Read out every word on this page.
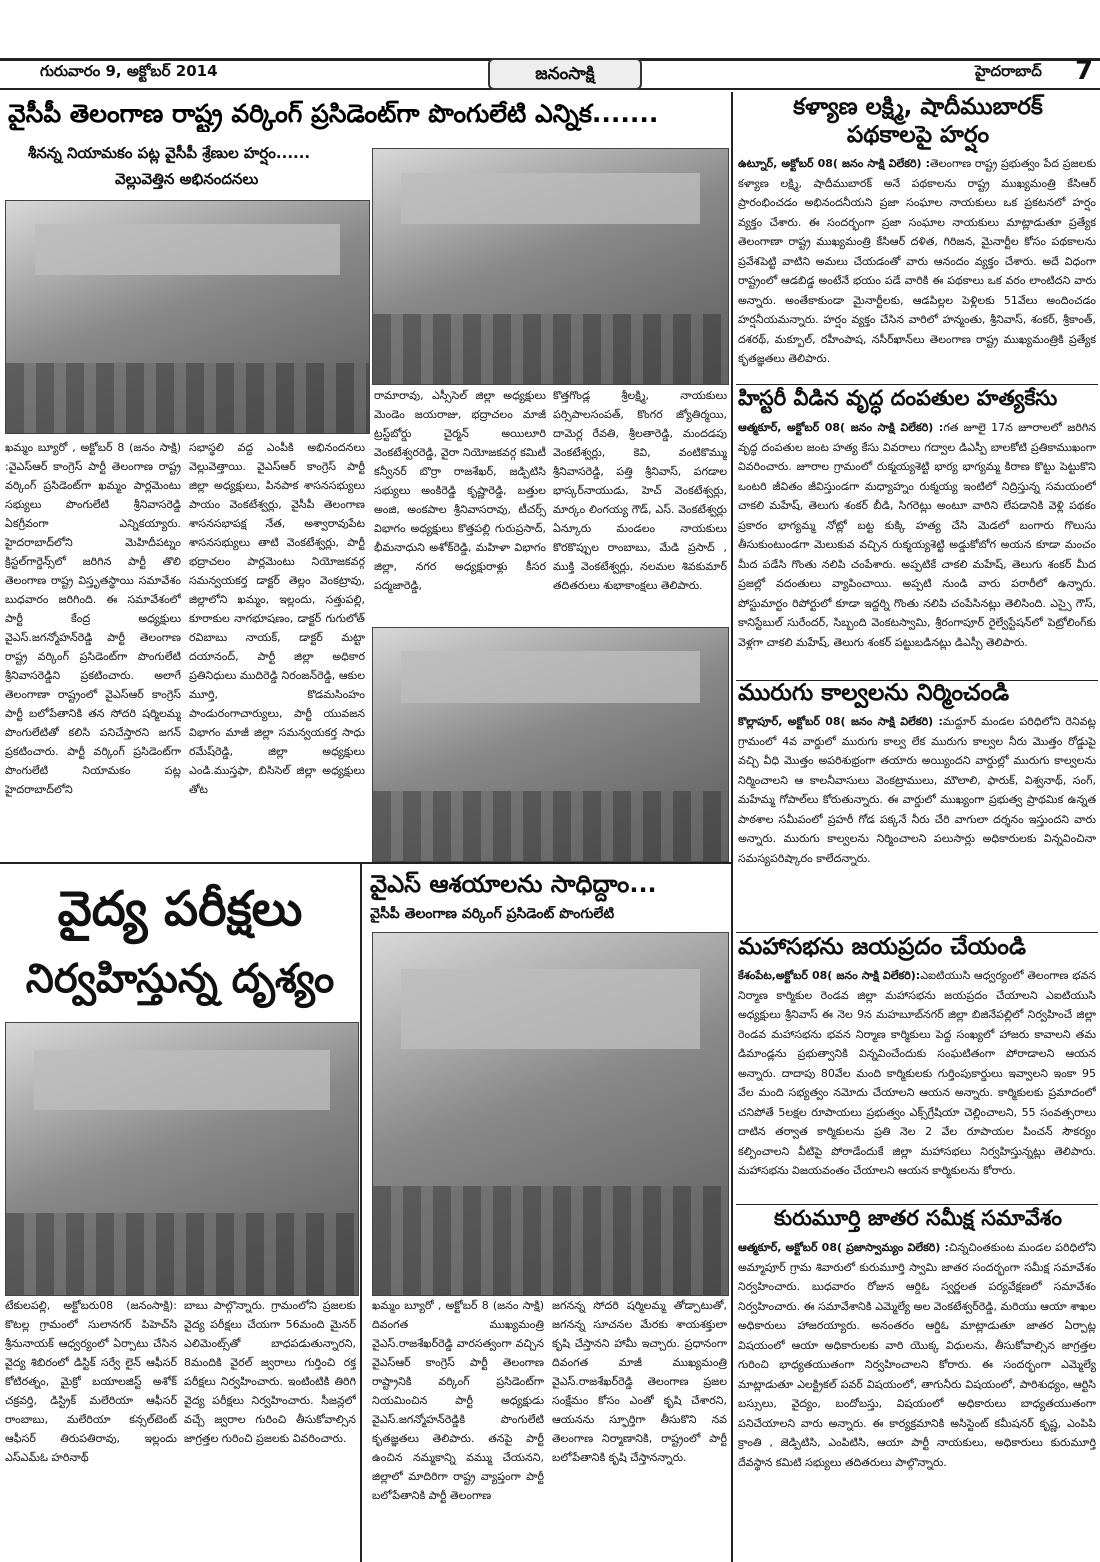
గురువారం 9, అక్టోబర్ 2014	జనంసాక్షి	హైదరాబాద్ 7
వైసీపీ తెలంగాణ రాష్ట్ర వర్కింగ్ ప్రసిడెంట్‌గా పొంగులేటి ఎన్నిక.......
శీనన్న నియామకం పట్ల వైసీపీ శ్రేణుల హర్షం......
వెల్లువెత్తిన అభినందనలు
ఖమ్మం బ్యూరో , అక్టోబర్ 8 (జనం సాక్షి) :వైఎస్ఆర్ కాంగ్రెస్ పార్టీ తెలంగాణ రాష్ట్ర వర్కింగ్ ప్రసిడెంట్‌గా ఖమ్మం పార్లమెంటు సభ్యులు పొంగులేటి శ్రీనివాసరెడ్డి ఏకగ్రీవంగా ఎన్నికయ్యారు. హైదరాబాద్‌లోని మెహిదీపట్నం క్రిస్టల్‌గార్డెన్స్‌లో జరిగిన పార్టీ తొలి తెలంగాణ రాష్ట్ర విస్తృతస్థాయి సమావేశం బుధవారం జరిగింది. ఈ సమావేశంలో పార్టీ కేంద్ర అధ్యక్షులు వైఎస్.జగన్మోహన్‌రెడ్డి పార్టీ తెలంగాణ రాష్ట్ర వర్కింగ్ ప్రసిడెంట్‌గా పొంగులేటి శ్రీనివాసరెడ్డిని ప్రకటించారు. అలాగే తెలంగాణా రాష్ట్రంలో వైఎస్ఆర్ కాంగ్రెస్ పార్టీ బలోపేతానికి తన సోదరి షర్మిలమ్మ పొంగులేటితో కలిసి పనిచేస్తారని జగన్ ప్రకటించారు. పార్టీ వర్కింగ్ ప్రసిడెంట్‌గా పొంగులేటి నియామకం పట్ల హైదరాబాద్‌లోని
సభాస్థలి వద్ద ఎంపీకి అభినందనలు వెల్లువెత్తాయి. వైఎస్ఆర్ కాంగ్రెస్ పార్టీ జిల్లా అధ్యక్షులు, పినపాక శాసనసభ్యులు పాయం వెంకటేశ్వర్లు, వైసీపీ తెలంగాణ శాసనసభాపక్ష నేత, అశ్వారావుపేట శాసనసభ్యులు తాటి వెంకటేశ్వర్లు, పార్టీ భద్రాచలం పార్లమెంటు నియోజకవర్గ సమన్వయకర్త డాక్టర్ తెల్లం వెంకట్రావు, జిల్లాలోని ఖమ్మం, ఇల్లందు, సత్తుపల్లి, కూరాకుల నాగభూషణం, డాక్టర్ గుగులోత్ రవిబాబు నాయక్, డాక్టర్ మట్టా దయానంద్, పార్టీ జిల్లా అధికార ప్రతినిధులు ముదిరెడ్డి నిరంజన్‌రెడ్డి, ఆకుల మూర్తి, కొడమసింహం పాండురంగాచార్యులు, పార్టీ యువజన విభాగం మాజీ జిల్లా సమన్వయకర్త సాధు రమేష్‌రెడ్డి, జిల్లా అధ్యక్షులు ఎండి.ముస్తఫా, బిసిసెల్ జిల్లా అధ్యక్షులు తోట
రామారావు, ఎస్సీసెల్ జిల్లా అధ్యక్షులు మెండెం జయరాజు, భద్రాచలం మాజీ ట్రస్ట్‌బోర్డు చైర్మన్ అయిలూరి వెంకటేశ్వరరెడ్డి, వైరా నియోజకవర్గ కమిటీ కన్వీనర్ బొర్రా రాజశేఖర్, జడ్పిటిసి సభ్యులు అంకిరెడ్డి కృష్ణారెడ్డి, బత్తుల అంజి, అంకపాల శ్రీనివాసరావు, టీచర్స్ విభాగం అధ్యక్షులు కొత్తపల్లి గురుప్రసాద్, భీమనాధుని అశోక్‌రెడ్డి, మహిళా విభాగం జిల్లా, నగర అధ్యక్షురాళ్లు కీసర పద్మజారెడ్డి,
కొత్తగొండ్ల శ్రీలక్ష్మి, నాయకులు పర్సిపాలసంపత్, కొంగర జ్యోతిర్మయి, దామెర్ల రేవతి, శ్రీలతారెడ్డి, మందడపు వెంకటేశ్వర్లు, కెవి, వంటికొమ్ము శ్రీనివాసరెడ్డి, పత్తి శ్రీనివాస్, పగడాల భాస్కర్‌నాయుడు, హెచ్ వెంకటేశ్వర్లు, మార్కం లింగయ్య గౌడ్, ఎస్. వెంకటేశ్వర్లు ఏన్కూరు మండలం నాయకులు కొరకొప్పుల రాంబాబు, మేడి ప్రసాద్ , ముక్తి వెంకటేశ్వర్లు, నలమల శివకుమార్ తదితరులు శుభాకాంక్షలు తెలిపారు.
వైద్య పరీక్షలు
నిర్వహిస్తున్న దృశ్యం
టేకులపల్లి, అక్టోబరు08 (జనంసాక్షి): కొటల్ల గ్రామంలో సులానగర్ పిహెచ్‌సి శ్రీనునాయక్ ఆధ్వర్యంలో ఏర్పాటు చేసిన వైద్య శిబిరంలో డిస్టిక్ సర్వే లైన్ ఆఫీసర్ కోటిరత్నం, మైక్రో బయాలజిస్ట్ అశోక్ చక్రవర్తి, డిస్ట్రిక్ మలేరియా ఆఫీసర్ రాంబాబు, మలేరియా కన్సల్‌టెంట్ ఆఫీసర్ తిరుపతిరావు, ఇల్లందు ఎస్ఎమ్‌ఓ హరినాథ్
బాబు పాల్గొన్నారు. గ్రామంలోని ప్రజలకు వైద్య పరీక్షలు చేయగా 56మంది మైనర్ ఎలిమెంట్స్‌తో బాధపడుతున్నారని, 8మందికి వైరల్ జ్వరాలు గుర్తించి రక్త పరీక్షలు నిర్వహించారు. ఇంటింటికి తిరిగి వైద్య పరీక్షలు నిర్వహించారు. సీజన్లలో వచ్చే జ్వరాల గురించి తీసుకోవాల్సిన జాగ్రత్తల గురించి ప్రజలకు వివరించారు.
వైఎస్ ఆశయాలను సాధిద్దాం...
వైసీపీ తెలంగాణ వర్కింగ్ ప్రసిడెంట్ పొంగులేటి
ఖమ్మం బ్యూరో , అక్టోబర్ 8 (జనం సాక్షి) దివంగత ముఖ్యమంత్రి వైఎస్.రాజశేఖర్‌రెడ్డి వారసత్వంగా వచ్చిన వైఎస్ఆర్ కాంగ్రెస్ పార్టీ తెలంగాణ రాష్ట్రానికి వర్కింగ్ ప్రసిడెంట్‌గా నియమించిన పార్టీ అధ్యక్షుడు వైఎస్.జగన్మోహన్‌రెడ్డికి పొంగులేటి కృతజ్ఞతలు తెలిపారు. తనపై పార్టీ ఉంచిన నమ్మకాన్ని వమ్ము చేయనని, జిల్లాలో మాదిరిగా రాష్ట్ర వ్యాప్తంగా పార్టీ బలోపేతానికి పార్టీ తెలంగాణ
జగనన్న సోదరి షర్మిలమ్మ తోడ్పాటుతో, జగనన్న సూచనల మేరకు శాయశక్తులా కృషి చేస్తానని హామీ ఇచ్చారు. ప్రధానంగా దివంగత మాజీ ముఖ్యమంత్రి వైఎస్.రాజశేఖర్‌రెడ్డి తెలంగాణ ప్రజల సంక్షేమం కోసం ఎంతో కృషి చేశారని, ఆయనను స్ఫూర్తిగా తీసుకొని నవ తెలంగాణ నిర్మాణానికి, రాష్ట్రంలో పార్టీ బలోపేతానికి కృషి చేస్తానన్నారు.
కళ్యాణ లక్ష్మి, షాదీముబారక్
పథకాలపై హర్షం
ఉట్నూర్, అక్టోబర్ 08( జనం సాక్షి విలేకరి) :తెలంగాణ రాష్ట్ర ప్రభుత్వం పేద ప్రజలకు కళ్యాణ లక్ష్మి, షాదీముబారక్ అనే పథకాలను రాష్ట్ర ముఖ్యమంత్రి కేసిఆర్ ప్రారంభించడం అభినందనీయని ప్రజా సంఘాల నాయకులు ఒక ప్రకటనలో హర్షం వ్యక్తం చేశారు. ఈ సందర్భంగా ప్రజా సంఘాల నాయకులు మాట్లాడుతూ ప్రత్యేక తెలంగాణా రాష్ట్ర ముఖ్యమంత్రి కేసిఆర్ దళిత, గిరిజన, మైనార్టీల కోసం పథకాలను ప్రవేశపెట్టి వాటిని అమలు చేయడంతో వారు ఆనందం వ్యక్తం చేశారు. అదే విధంగా రాష్ట్రంలో ఆడబిడ్డ అంటేనే భయం పడే వారికి ఈ పథకాలు ఒక వరం లాంటిదని వారు అన్నారు. అంతేకాకుండా మైనార్టీలకు, ఆడపిల్లల పెళ్లిలకు 51వేలు అందించడం హర్షనీయమన్నారు. హర్షం వ్యక్తం చేసిన వారిలో హన్మంతు, శ్రీనివాస్, శంకర్, శ్రీకాంత్, దశరథ్, మక్బూల్, రహీంపాష, నసీర్‌ఖాన్‌లు తెలంగాణ రాష్ట్ర ముఖ్యమంత్రికి ప్రత్యేక కృతజ్ఞతలు తెలిపారు.
హిస్టరీ వీడిన వృద్ధ దంపతుల హత్యకేసు
ఆత్మకూర్, అక్టోబర్ 08( జనం సాక్షి విలేకరి) :గత జూలై 17న జూరాలలో జరిగిన వృద్ధ దంపతుల జంట హత్య కేసు వివరాలు గద్వాల డిఎస్పీ బాలకోటి ప్రతికాముఖంగా వివరించారు. జూరాల గ్రామంలో రుక్మయ్యశెట్టి భార్య భాగ్యమ్మ కిరాణ కొట్టు పెట్టుకొని ఒంటరి జీవితం జీవిస్తుండగా మధ్యాహ్నం రుక్మయ్య ఇంటిలో నిద్రిస్తున్న సమయంలో చాకలి మహేష్, తెలుగు శంకర్ బీడి, సిగరెట్లు అంటూ వారిని లేపడానికి వెళ్లి పథకం ప్రకారం భాగ్యమ్మ నోట్లో బట్ట కుక్కి హత్య చేసి మెడలో బంగారు గొలుసు తీసుకుంటుండగా మెలుకువ వచ్చిన రుక్మయ్యశెట్టి అడ్డుకోబోగ అయన కూడా మంచం మీద పడేసి గొంతు నలిపి చంపేశారు. అప్పటికే చాకలి మహేష్, తెలుగు శంకర్ మీద ప్రజల్లో వదంతులు వ్యాపించాయి. అప్పటి నుండి వారు పరారీలో ఉన్నారు. పోస్టుమార్టం రిపోర్టులో కూడా ఇద్దర్ని గొంతు నలిపి చంపేసినట్లు తెలిసింది. ఎస్సై గౌస్, కానిస్టేబుల్ సురేందర్, సిబ్బంది వెంకటస్వామి, శ్రీరంగాపూర్ రైల్వేస్టేషన్‌లో పెట్రోలింగ్‌కు వెళ్లగా చాకలి మహేష్, తెలుగు శంకర్ పట్టుబడినట్లు డిఎస్పీ తెలిపారు.
మురుగు కాల్వలను నిర్మించండి
కొల్లాపూర్, అక్టోబర్ 08( జనం సాక్షి విలేకరి) :మద్దూర్ మండల పరిధిలోని రెనివట్ల గ్రామంలో 4వ వార్డులో మురుగు కాల్వ లేక మురుగు కాల్వల నీరు మొత్తం రోడ్డుపై వచ్చి వీధి మొత్తం అపరిశుభ్రంగా తయారు అయ్యిందని వార్డుల్లో మురుగు కాల్వలను నిర్మించాలని ఆ కాలనీవాసులు వెంకట్రాములు, మౌలాలి, ఫారుక్, విశ్వనాథ్, సంగ్, మహేమ్మ గోపాల్‌లు కోరుతున్నారు. ఈ వార్డులో ముఖ్యంగా ప్రభుత్వ ప్రాథమిక ఉన్నత పాఠశాల సమీపంలో ప్రహరీ గోడ పక్కనే నీరు చేరి వాగులా దర్శనం ఇస్తుందని వారు అన్నారు. మురుగు కాల్వలను నిర్మించాలని పలుసార్లు అధికారులకు విన్నవించినా సమస్యపరిష్కారం కాలేదన్నారు.
మహాసభను జయప్రదం చేయండి
కేశంపేట,అక్టోబర్ 08( జనం సాక్షి విలేకరి):ఎఐటియుసి ఆధ్వర్యంలో తెలంగాణ భవన నిర్మాణ కార్మికుల రెండవ జిల్లా మహాసభను జయప్రదం చేయాలని ఎఐటియుసి అధ్యక్షులు శ్రీనివాస్ ఈ నెల 9న మహబూబ్‌నగర్ జిల్లా బిజినేపల్లిలో నిర్వహించే జిల్లా రెండవ మహాసభను భవన నిర్మాణ కార్మికులు పెద్ద సంఖ్యలో హాజరు కావాలని తమ డిమాండ్లను ప్రభుత్వానికి విన్నవించేందుకు సంఘటితంగా పోరాడాలని ఆయన అన్నారు. దాదాపు 80వేల మంది కార్మికులకు గుర్తింపుకార్డులు ఇవ్వాలని ఇంకా 95 వేల మంది సభ్యత్వం నమోదు చేయాలని ఆయన అన్నారు. కార్మికులకు ప్రమాదంలో చనిపోతే 5లక్షల రూపాయలు ప్రభుత్వం ఎక్స్‌గ్రేషియా చెల్లించాలని, 55 సంవత్సరాలు దాటిన తర్వాత కార్మికులను ప్రతి నెల 2 వేల రూపాయల పించన్ సౌకర్యం కల్పించాలని వీటిపై పోరాడేందుకే జిల్లా మహాసభలు నిర్వహిస్తున్నట్లు తెలిపారు. మహాసభను విజయవంతం చేయాలని ఆయన కార్మికులను కోరారు.
కురుమూర్తి జాతర సమీక్ష సమావేశం
ఆత్మకూర్, అక్టోబర్ 08( ప్రజాస్వామ్యం విలేకరి) :చిన్నచింతకుంట మండల పరిధిలోని అమ్మాపూర్ గ్రామ శివారులో కురుమూర్తి స్వామి జాతర సందర్భంగా సమీక్ష సమావేశం నిర్వహించారు. బుధవారం రోజున ఆర్డిఓ స్వర్ణలత పర్యవేక్షణలో సమావేశం నిర్వహించారు. ఈ సమావేశానికి ఎమ్మెల్యే అల వెంకటేశ్వర్‌రెడ్డి, మరియు ఆయా శాఖల అధికారులు హాజరయ్యారు. అనంతరం ఆర్డిఓ మాట్లాడుతూ జాతర ఏర్పాట్ల విషయంలో ఆయా అధికారులకు వారి యొక్క విధులను, తీసుకోవాల్సిన జాగ్రత్తల గురించి భాధ్యతయుతంగా నిర్వహించాలని కోరారు. ఈ సందర్భంగా ఎమ్మెల్యే మాట్లాడుతూ ఎలక్ట్రికల్ పవర్ విషయంలో, తాగునీరు విషయంలో, పారిశుధ్యం, ఆర్టిసి బస్సులు, వైద్యం, బందోబస్తు, విషయంలో అధికారులు బాధ్యతయుతంగా పనిచేయాలని వారు అన్నారు. ఈ కార్యక్రమానికి అసిస్టెంట్ కమీషనర్ కృష్ణ, ఎంపిపి క్రాంతి , జెడ్పిటిసి, ఎంపిటిసి, ఆయా పార్టీ నాయకులు, అధికారులు కురుమూర్తి దేవస్థాన కమిటి సభ్యులు తదితరులు పాల్గొన్నారు.
